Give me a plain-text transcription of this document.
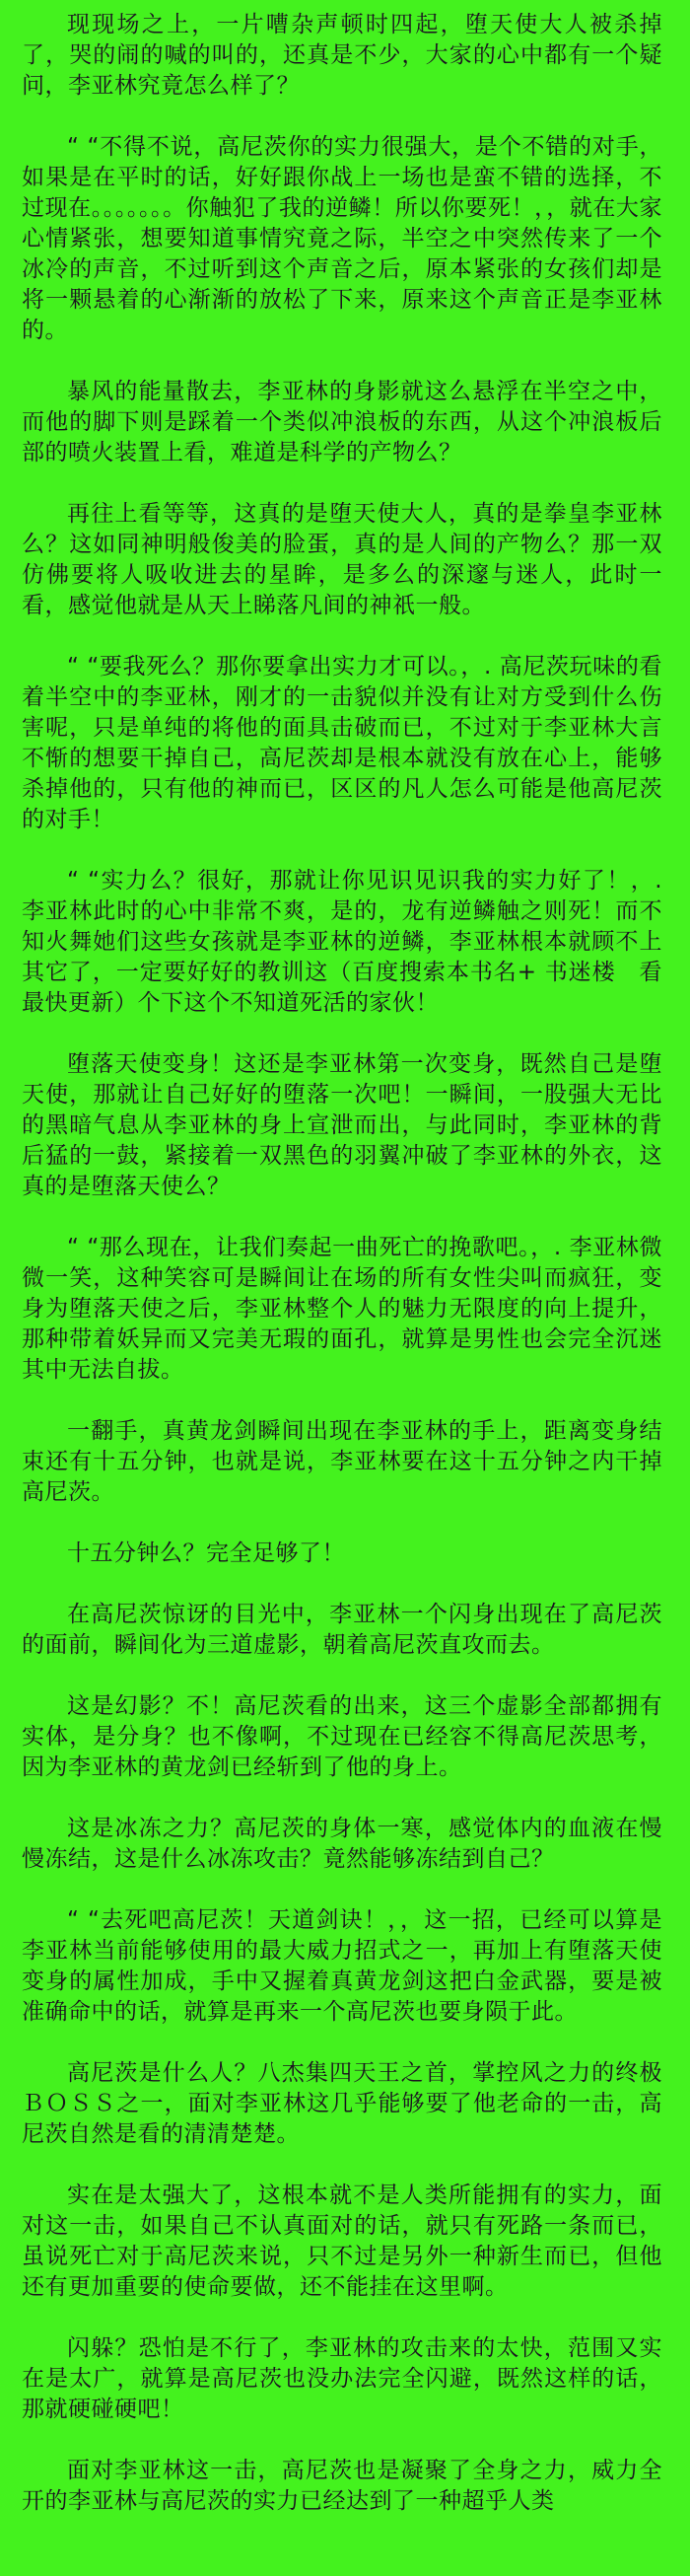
现现场之上，一片嘈杂声顿时四起，堕天使大人被杀掉了，哭的闹的喊的叫的，还真是不少，大家的心中都有一个疑问，李亚林究竟怎么样了？

“ “不得不说，高尼茨你的实力很强大，是个不错的对手，如果是在平时的话，好好跟你战上一场也是蛮不错的选择，不过现在。。。。。。。你触犯了我的逆鳞！所以你要死！，，就在大家心情紧张，想要知道事情究竟之际，半空之中突然传来了一个冰冷的声音，不过听到这个声音之后，原本紧张的女孩们却是将一颗悬着的心渐渐的放松了下来，原来这个声音正是李亚林的。

暴风的能量散去，李亚林的身影就这么悬浮在半空之中，而他的脚下则是踩着一个类似冲浪板的东西，从这个冲浪板后部的喷火装置上看，难道是科学的产物么？

再往上看等等，这真的是堕天使大人，真的是拳皇李亚林么？这如同神明般俊美的脸蛋，真的是人间的产物么？那一双仿佛要将人吸收进去的星眸，是多么的深邃与迷人，此时一看，感觉他就是从天上睇落凡间的神祇一般。

“ “要我死么？那你要拿出实力才可以。，. 高尼茨玩味的看着半空中的李亚林，刚才的一击貌似并没有让对方受到什么伤害呢，只是单纯的将他的面具击破而已，不过对于李亚林大言不惭的想要干掉自己，高尼茨却是根本就没有放在心上，能够杀掉他的，只有他的神而已，区区的凡人怎么可能是他高尼茨的对手！

“ “实力么？很好，那就让你见识见识我的实力好了！，. 李亚林此时的心中非常不爽，是的，龙有逆鳞触之则死！而不知火舞她们这些女孩就是李亚林的逆鳞，李亚林根本就顾不上其它了，一定要好好的教训这（百度搜索本书名+ 书迷楼　看最快更新）个下这个不知道死活的家伙！

堕落天使变身！这还是李亚林第一次变身，既然自己是堕天使，那就让自己好好的堕落一次吧！一瞬间，一股强大无比的黑暗气息从李亚林的身上宣泄而出，与此同时，李亚林的背后猛的一鼓，紧接着一双黑色的羽翼冲破了李亚林的外衣，这真的是堕落天使么？

“ “那么现在，让我们奏起一曲死亡的挽歌吧。，. 李亚林微微一笑，这种笑容可是瞬间让在场的所有女性尖叫而疯狂，变身为堕落天使之后，李亚林整个人的魅力无限度的向上提升，那种带着妖异而又完美无瑕的面孔，就算是男性也会完全沉迷其中无法自拔。

一翻手，真黄龙剑瞬间出现在李亚林的手上，距离变身结束还有十五分钟，也就是说，李亚林要在这十五分钟之内干掉高尼茨。

十五分钟么？完全足够了！

在高尼茨惊讶的目光中，李亚林一个闪身出现在了高尼茨的面前，瞬间化为三道虚影，朝着高尼茨直攻而去。

这是幻影？不！高尼茨看的出来，这三个虚影全部都拥有实体，是分身？也不像啊，不过现在已经容不得高尼茨思考，因为李亚林的黄龙剑已经斩到了他的身上。

这是冰冻之力？高尼茨的身体一寒，感觉体内的血液在慢慢冻结，这是什么冰冻攻击？竟然能够冻结到自己？

“ “去死吧高尼茨！天道剑诀！，，这一招，已经可以算是李亚林当前能够使用的最大威力招式之一，再加上有堕落天使变身的属性加成，手中又握着真黄龙剑这把白金武器，要是被准确命中的话，就算是再来一个高尼茨也要身陨于此。

高尼茨是什么人？八杰集四天王之首，掌控风之力的终极ＢＯＳＳ之一，面对李亚林这几乎能够要了他老命的一击，高尼茨自然是看的清清楚楚。

实在是太强大了，这根本就不是人类所能拥有的实力，面对这一击，如果自己不认真面对的话，就只有死路一条而已，虽说死亡对于高尼茨来说，只不过是另外一种新生而已，但他还有更加重要的使命要做，还不能挂在这里啊。

闪躲？恐怕是不行了，李亚林的攻击来的太快，范围又实在是太广，就算是高尼茨也没办法完全闪避，既然这样的话，那就硬碰硬吧！

面对李亚林这一击，高尼茨也是凝聚了全身之力，威力全开的李亚林与高尼茨的实力已经达到了一种超乎人类
